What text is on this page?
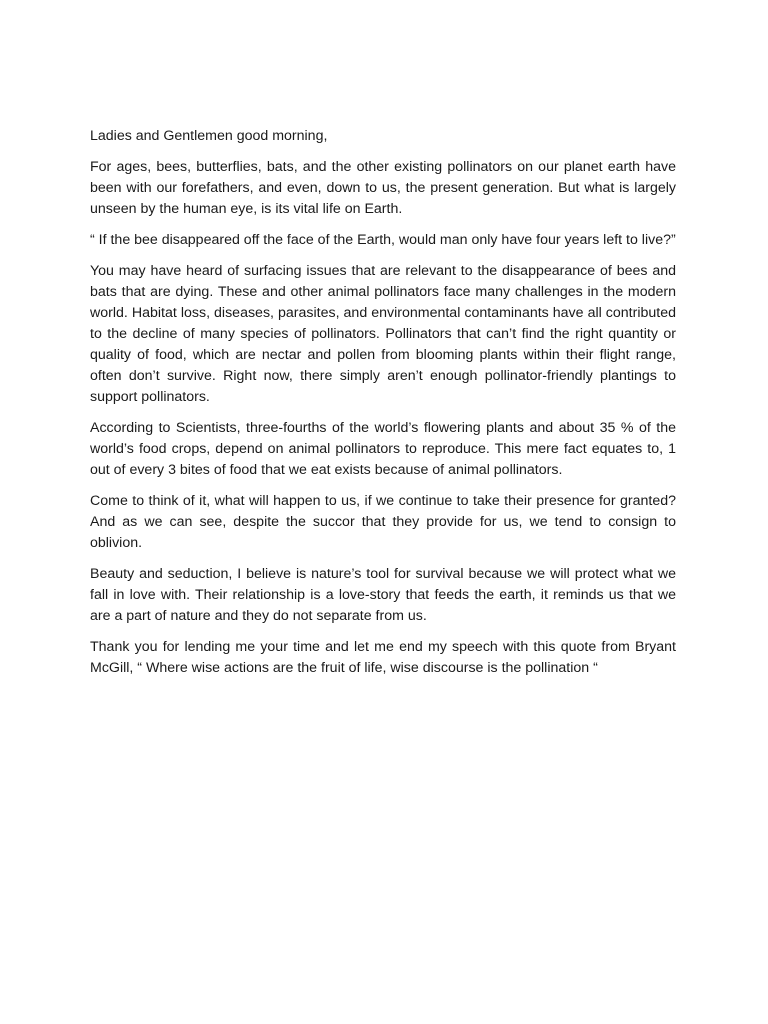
Ladies and Gentlemen good morning,

For ages, bees, butterflies, bats, and the other existing pollinators on our planet earth have been with our forefathers, and even, down to us, the present generation. But what is largely unseen by the human eye, is its vital life on Earth.

“ If the bee disappeared off the face of the Earth, would man only have four years left to live?”

You may have heard of surfacing issues that are relevant to the disappearance of bees and bats that are dying. These and other animal pollinators face many challenges in the modern world. Habitat loss, diseases, parasites, and environmental contaminants have all contributed to the decline of many species of pollinators. Pollinators that can’t find the right quantity or quality of food, which are nectar and pollen from blooming plants within their flight range, often don’t survive. Right now, there simply aren’t enough pollinator-friendly plantings to support pollinators.

According to Scientists, three-fourths of the world’s flowering plants and about 35 % of the world’s food crops, depend on animal pollinators to reproduce. This mere fact equates to, 1 out of every 3 bites of food that we eat exists because of animal pollinators.

Come to think of it, what will happen to us, if we continue to take their presence for granted? And as we can see, despite the succor that they provide for us, we tend to consign to oblivion.

Beauty and seduction, I believe is nature’s tool for survival because we will protect what we fall in love with. Their relationship is a love-story that feeds the earth, it reminds us that we are a part of nature and they do not separate from us.

Thank you for lending me your time and let me end my speech with this quote from Bryant McGill, “ Where wise actions are the fruit of life, wise discourse is the pollination “
